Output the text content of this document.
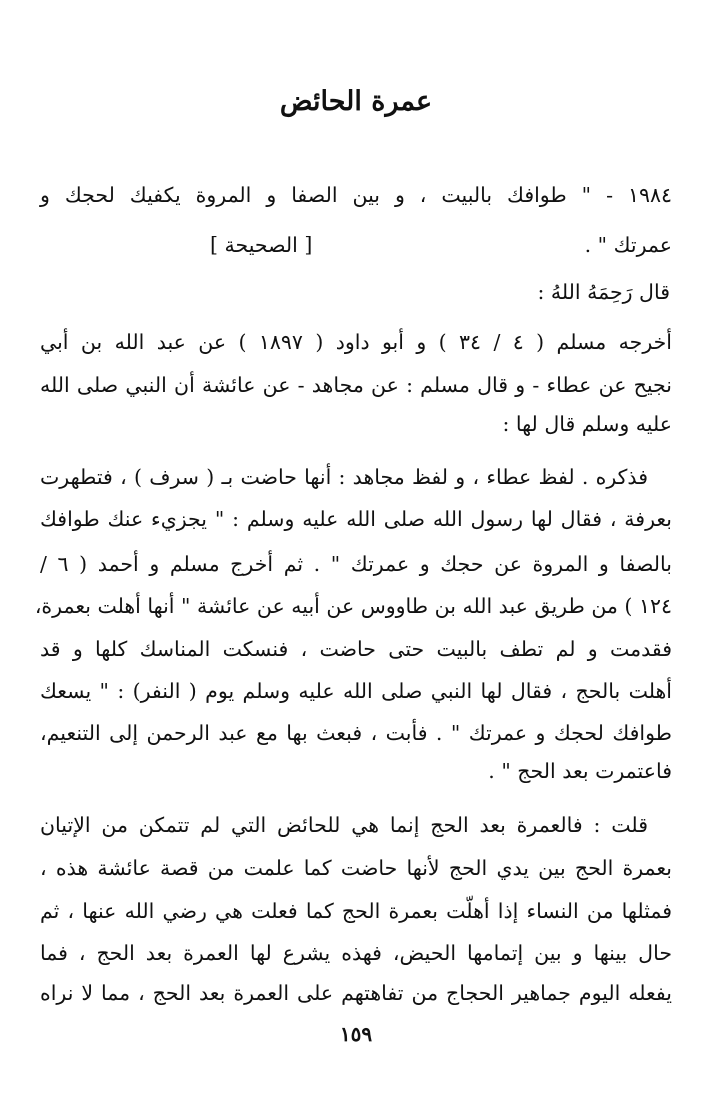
عمرة الحائض
١٩٨٤ - " طوافك بالبيت ، و بين الصفا و المروة يكفيك لحجك و
عمرتك " .
[ الصحيحة ]
قال رَحِمَهُ اللهُ :
أخرجه مسلم ( ٤ / ٣٤ ) و أبو داود ( ١٨٩٧ ) عن عبد الله بن أبي
نجيح عن عطاء - و قال مسلم : عن مجاهد - عن عائشة أن النبي صلى الله
عليه وسلم قال لها :
فذكره . لفظ عطاء ، و لفظ مجاهد : أنها حاضت بـ ( سرف ) ، فتطهرت
بعرفة ، فقال لها رسول الله صلى الله عليه وسلم : " يجزيء عنك طوافك
بالصفا و المروة عن حجك و عمرتك " . ثم أخرج مسلم و أحمد ( ٦ /
١٢٤ ) من طريق عبد الله بن طاووس عن أبيه عن عائشة " أنها أهلت بعمرة،
فقدمت و لم تطف بالبيت حتى حاضت ، فنسكت المناسك كلها و قد
أهلت بالحج ، فقال لها النبي صلى الله عليه وسلم يوم ( النفر) : " يسعك
طوافك لحجك و عمرتك " . فأبت ، فبعث بها مع عبد الرحمن إلى التنعيم،
فاعتمرت بعد الحج " .
قلت : فالعمرة بعد الحج إنما هي للحائض التي لم تتمكن من الإتيان
بعمرة الحج بين يدي الحج لأنها حاضت كما علمت من قصة عائشة هذه ،
فمثلها من النساء إذا أهلّت بعمرة الحج كما فعلت هي رضي الله عنها ، ثم
حال بينها و بين إتمامها الحيض، فهذه يشرع لها العمرة بعد الحج ، فما
يفعله اليوم جماهير الحجاج من تفاهتهم على العمرة بعد الحج ، مما لا نراه
١٥٩
